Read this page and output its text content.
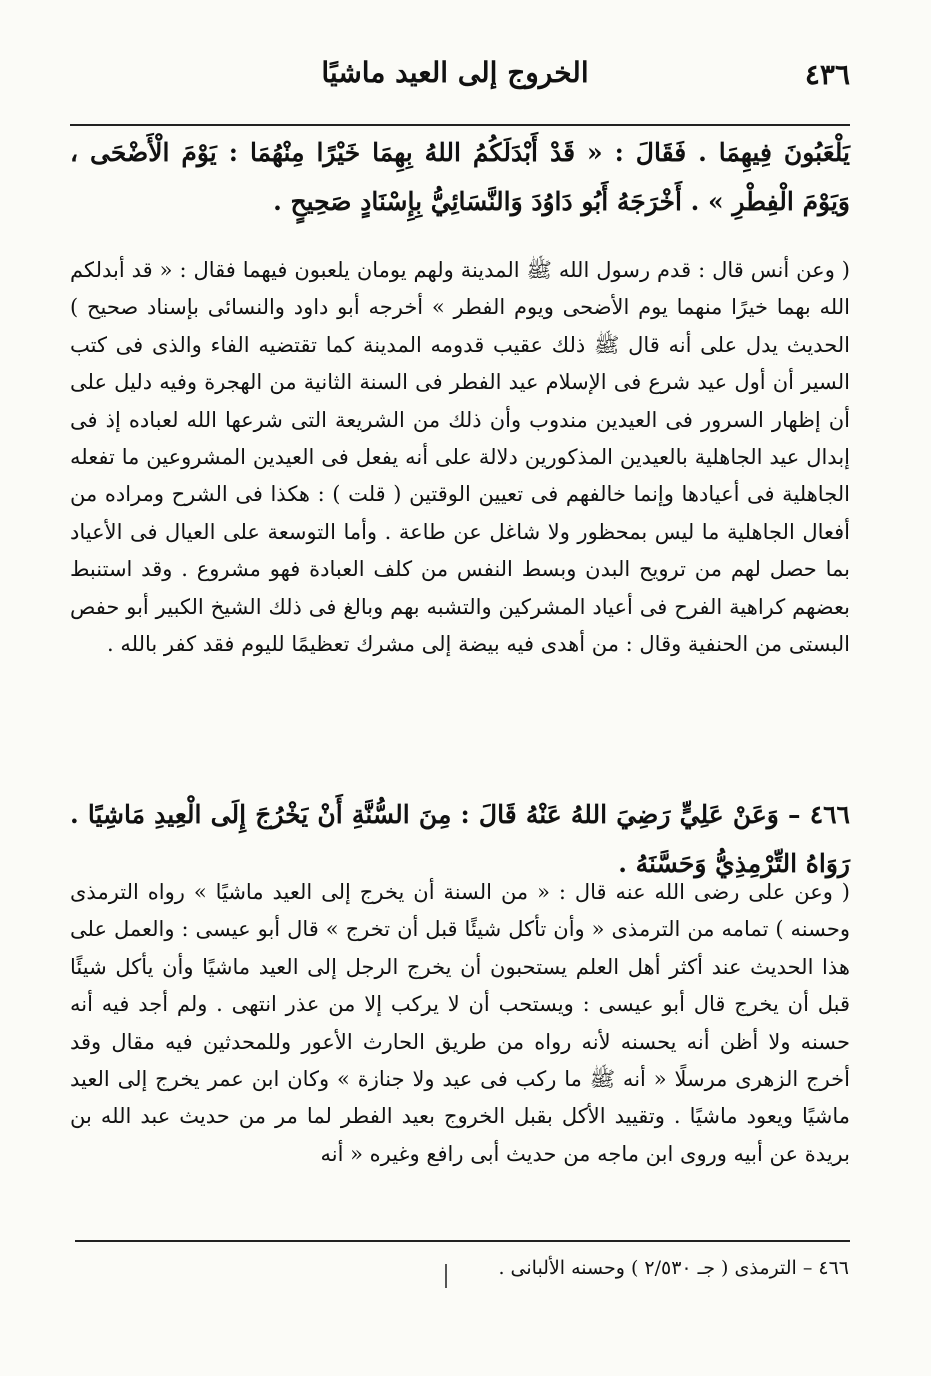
٤٣٦
الخروج إلى العيد ماشيًا

يَلْعَبُونَ فِيهِمَا . فَقَالَ : « قَدْ أَبْدَلَكُمُ اللهُ بِهِمَا خَيْرًا مِنْهُمَا : يَوْمَ الْأَضْحَى ، وَيَوْمَ الْفِطْرِ » . أَخْرَجَهُ أَبُو دَاوُدَ وَالنَّسَائِيُّ بِإِسْنَادٍ صَحِيحٍ .

( وعن أنس قال : قدم رسول الله ﷺ المدينة ولهم يومان يلعبون فيهما فقال : « قد أبدلكم الله بهما خيرًا منهما يوم الأضحى ويوم الفطر » أخرجه أبو داود والنسائى بإسناد صحيح ) الحديث يدل على أنه قال ﷺ ذلك عقيب قدومه المدينة كما تقتضيه الفاء والذى فى كتب السير أن أول عيد شرع فى الإسلام عيد الفطر فى السنة الثانية من الهجرة وفيه دليل على أن إظهار السرور فى العيدين مندوب وأن ذلك من الشريعة التى شرعها الله لعباده إذ فى إبدال عيد الجاهلية بالعيدين المذكورين دلالة على أنه يفعل فى العيدين المشروعين ما تفعله الجاهلية فى أعيادها وإنما خالفهم فى تعيين الوقتين ( قلت ) : هكذا فى الشرح ومراده من أفعال الجاهلية ما ليس بمحظور ولا شاغل عن طاعة . وأما التوسعة على العيال فى الأعياد بما حصل لهم من ترويح البدن وبسط النفس من كلف العبادة فهو مشروع . وقد استنبط بعضهم كراهية الفرح فى أعياد المشركين والتشبه بهم وبالغ فى ذلك الشيخ الكبير أبو حفص البستى من الحنفية وقال : من أهدى فيه بيضة إلى مشرك تعظيمًا لليوم فقد كفر بالله .

٤٦٦ – وَعَنْ عَلِيٍّ رَضِيَ اللهُ عَنْهُ قَالَ : مِنَ السُّنَّةِ أَنْ يَخْرُجَ إِلَى الْعِيدِ مَاشِيًا . رَوَاهُ التِّرْمِذِيُّ وَحَسَّنَهُ .

( وعن على رضى الله عنه قال : « من السنة أن يخرج إلى العيد ماشيًا » رواه الترمذى وحسنه ) تمامه من الترمذى « وأن تأكل شيئًا قبل أن تخرج » قال أبو عيسى : والعمل على هذا الحديث عند أكثر أهل العلم يستحبون أن يخرج الرجل إلى العيد ماشيًا وأن يأكل شيئًا قبل أن يخرج قال أبو عيسى : ويستحب أن لا يركب إلا من عذر انتهى . ولم أجد فيه أنه حسنه ولا أظن أنه يحسنه لأنه رواه من طريق الحارث الأعور وللمحدثين فيه مقال وقد أخرج الزهرى مرسلًا « أنه ﷺ ما ركب فى عيد ولا جنازة » وكان ابن عمر يخرج إلى العيد ماشيًا ويعود ماشيًا . وتقييد الأكل بقبل الخروج بعيد الفطر لما مر من حديث عبد الله بن بريدة عن أبيه وروى ابن ماجه من حديث أبى رافع وغيره « أنه

٤٦٦ – الترمذى ( جـ ٢/٥٣٠ ) وحسنه الألبانى .
